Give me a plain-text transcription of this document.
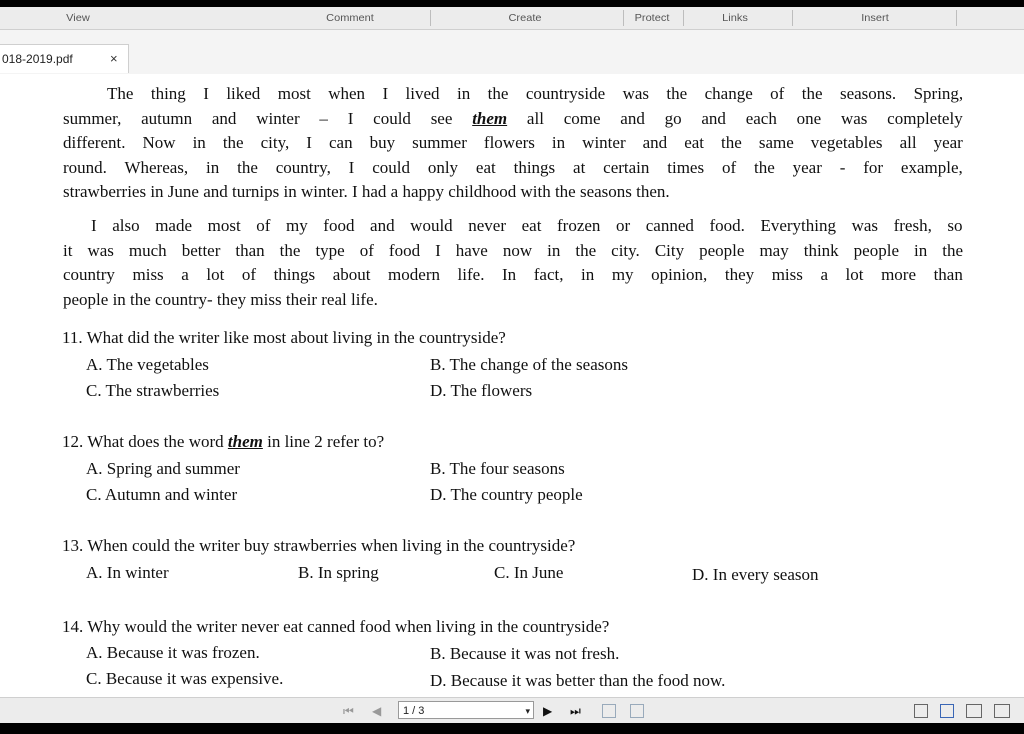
View	Comment	Create	Protect	Links	Insert
018-2019.pdf	×
The thing I liked most when I lived in the countryside was the change of the seasons. Spring,
summer, autumn and winter – I could see them all come and go and each one was completely
different. Now in the city, I can buy summer flowers in winter and eat the same vegetables all year
round. Whereas, in the country, I could only eat things at certain times of the year - for example,
strawberries in June and turnips in winter. I had a happy childhood with the seasons then.
I also made most of my food and would never eat frozen or canned food. Everything was fresh, so
it was much better than the type of food I have now in the city. City people may think people in the
country miss a lot of things about modern life. In fact, in my opinion, they miss a lot more than
people in the country- they miss their real life.
11. What did the writer like most about living in the countryside?
A. The vegetables	B. The change of the seasons
C. The strawberries	D. The flowers
12. What does the word them in line 2 refer to?
A. Spring and summer	B. The four seasons
C. Autumn and winter	D. The country people
13. When could the writer buy strawberries when living in the countryside?
A. In winter	B. In spring	C. In June	D. In every season
14. Why would the writer never eat canned food when living in the countryside?
A. Because it was frozen.	B. Because it was not fresh.
C. Because it was expensive.	D. Because it was better than the food now.
⏮ ◀	1 / 3	▾ ▶ ⏭
